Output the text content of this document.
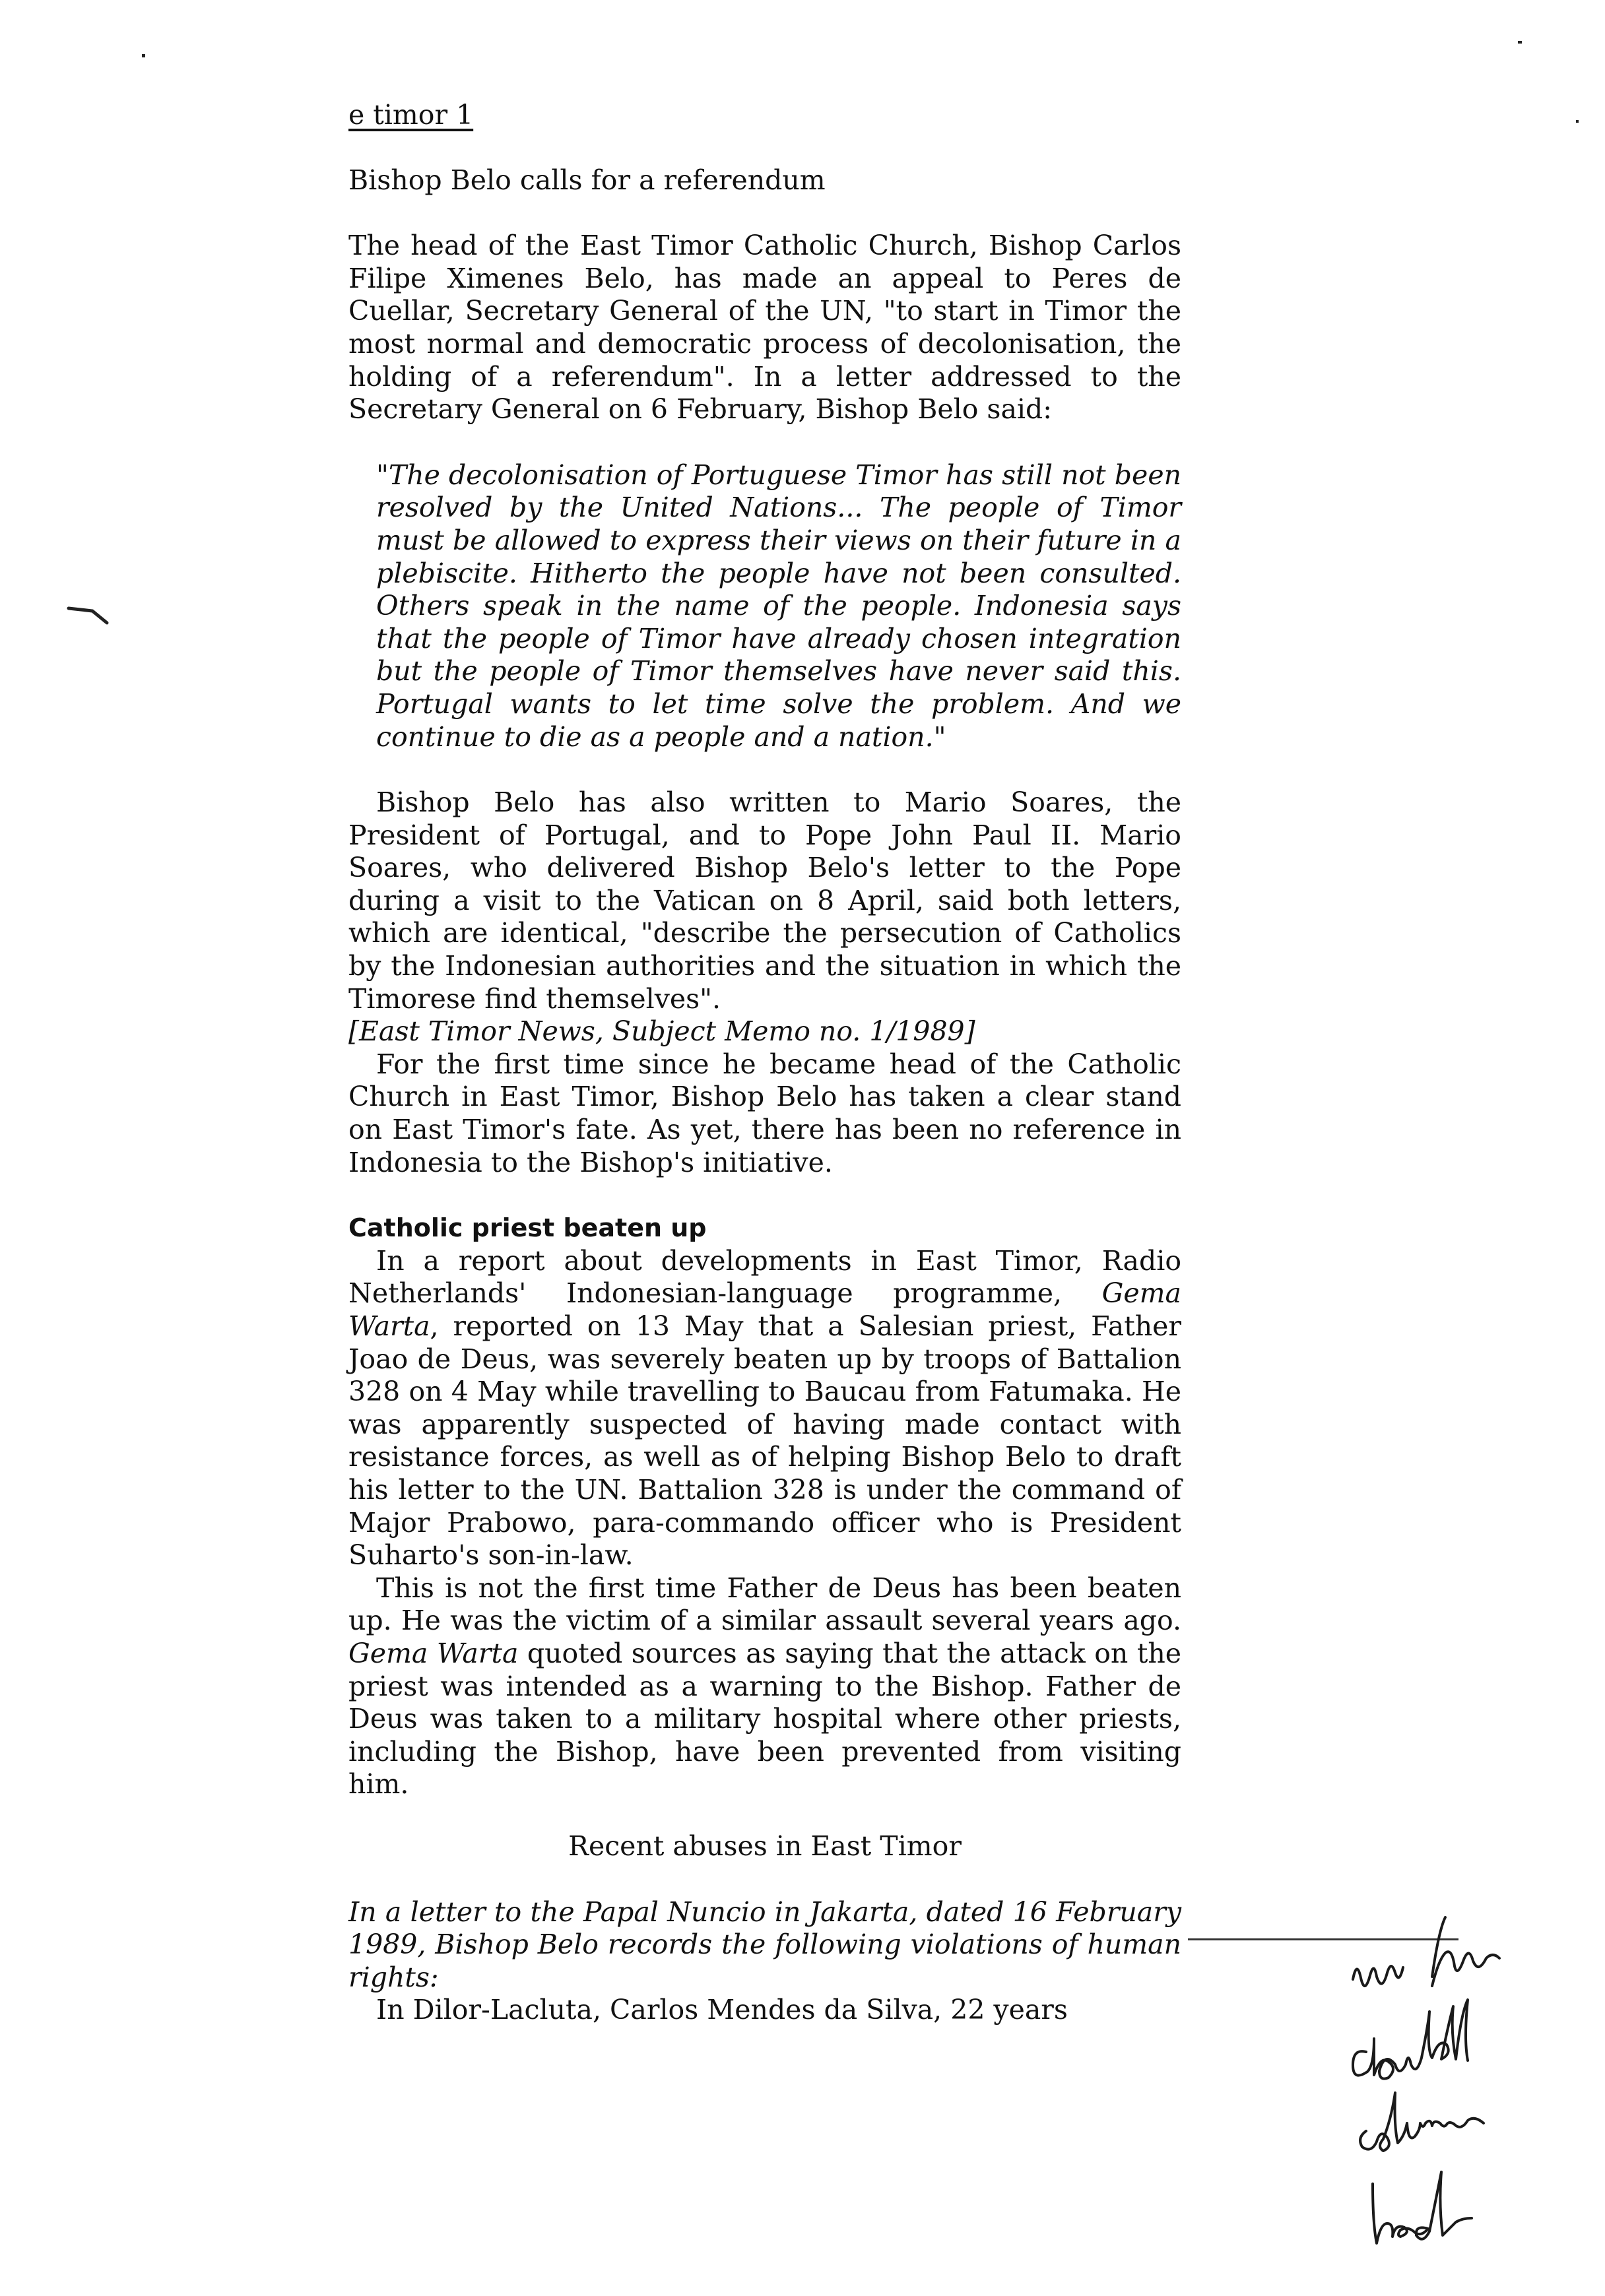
e timor 1

Bishop Belo calls for a referendum

The head of the East Timor Catholic Church, Bishop Carlos Filipe Ximenes Belo, has made an appeal to Peres de Cuellar, Secretary General of the UN, "to start in Timor the most normal and democratic process of decolonisation, the holding of a referendum". In a letter addressed to the Secretary General on 6 February, Bishop Belo said:

"The decolonisation of Portuguese Timor has still not been resolved by the United Nations... The people of Timor must be allowed to express their views on their future in a plebiscite. Hitherto the people have not been consulted. Others speak in the name of the people. Indonesia says that the people of Timor have already chosen integration but the people of Timor themselves have never said this. Portugal wants to let time solve the problem. And we continue to die as a people and a nation."

Bishop Belo has also written to Mario Soares, the President of Portugal, and to Pope John Paul II. Mario Soares, who delivered Bishop Belo's letter to the Pope during a visit to the Vatican on 8 April, said both letters, which are identical, "describe the persecution of Catholics by the Indonesian authorities and the situation in which the Timorese find themselves".
[East Timor News, Subject Memo no. 1/1989]

For the first time since he became head of the Catholic Church in East Timor, Bishop Belo has taken a clear stand on East Timor's fate. As yet, there has been no reference in Indonesia to the Bishop's initiative.

Catholic priest beaten up

In a report about developments in East Timor, Radio Netherlands' Indonesian-language programme, Gema Warta, reported on 13 May that a Salesian priest, Father Joao de Deus, was severely beaten up by troops of Battalion 328 on 4 May while travelling to Baucau from Fatumaka. He was apparently suspected of having made contact with resistance forces, as well as of helping Bishop Belo to draft his letter to the UN. Battalion 328 is under the command of Major Prabowo, para-commando officer who is President Suharto's son-in-law.

This is not the first time Father de Deus has been beaten up. He was the victim of a similar assault several years ago. Gema Warta quoted sources as saying that the attack on the priest was intended as a warning to the Bishop. Father de Deus was taken to a military hospital where other priests, including the Bishop, have been prevented from visiting him.

Recent abuses in East Timor

In a letter to the Papal Nuncio in Jakarta, dated 16 February 1989, Bishop Belo records the following violations of human rights:

In Dilor-Lacluta, Carlos Mendes da Silva, 22 years
